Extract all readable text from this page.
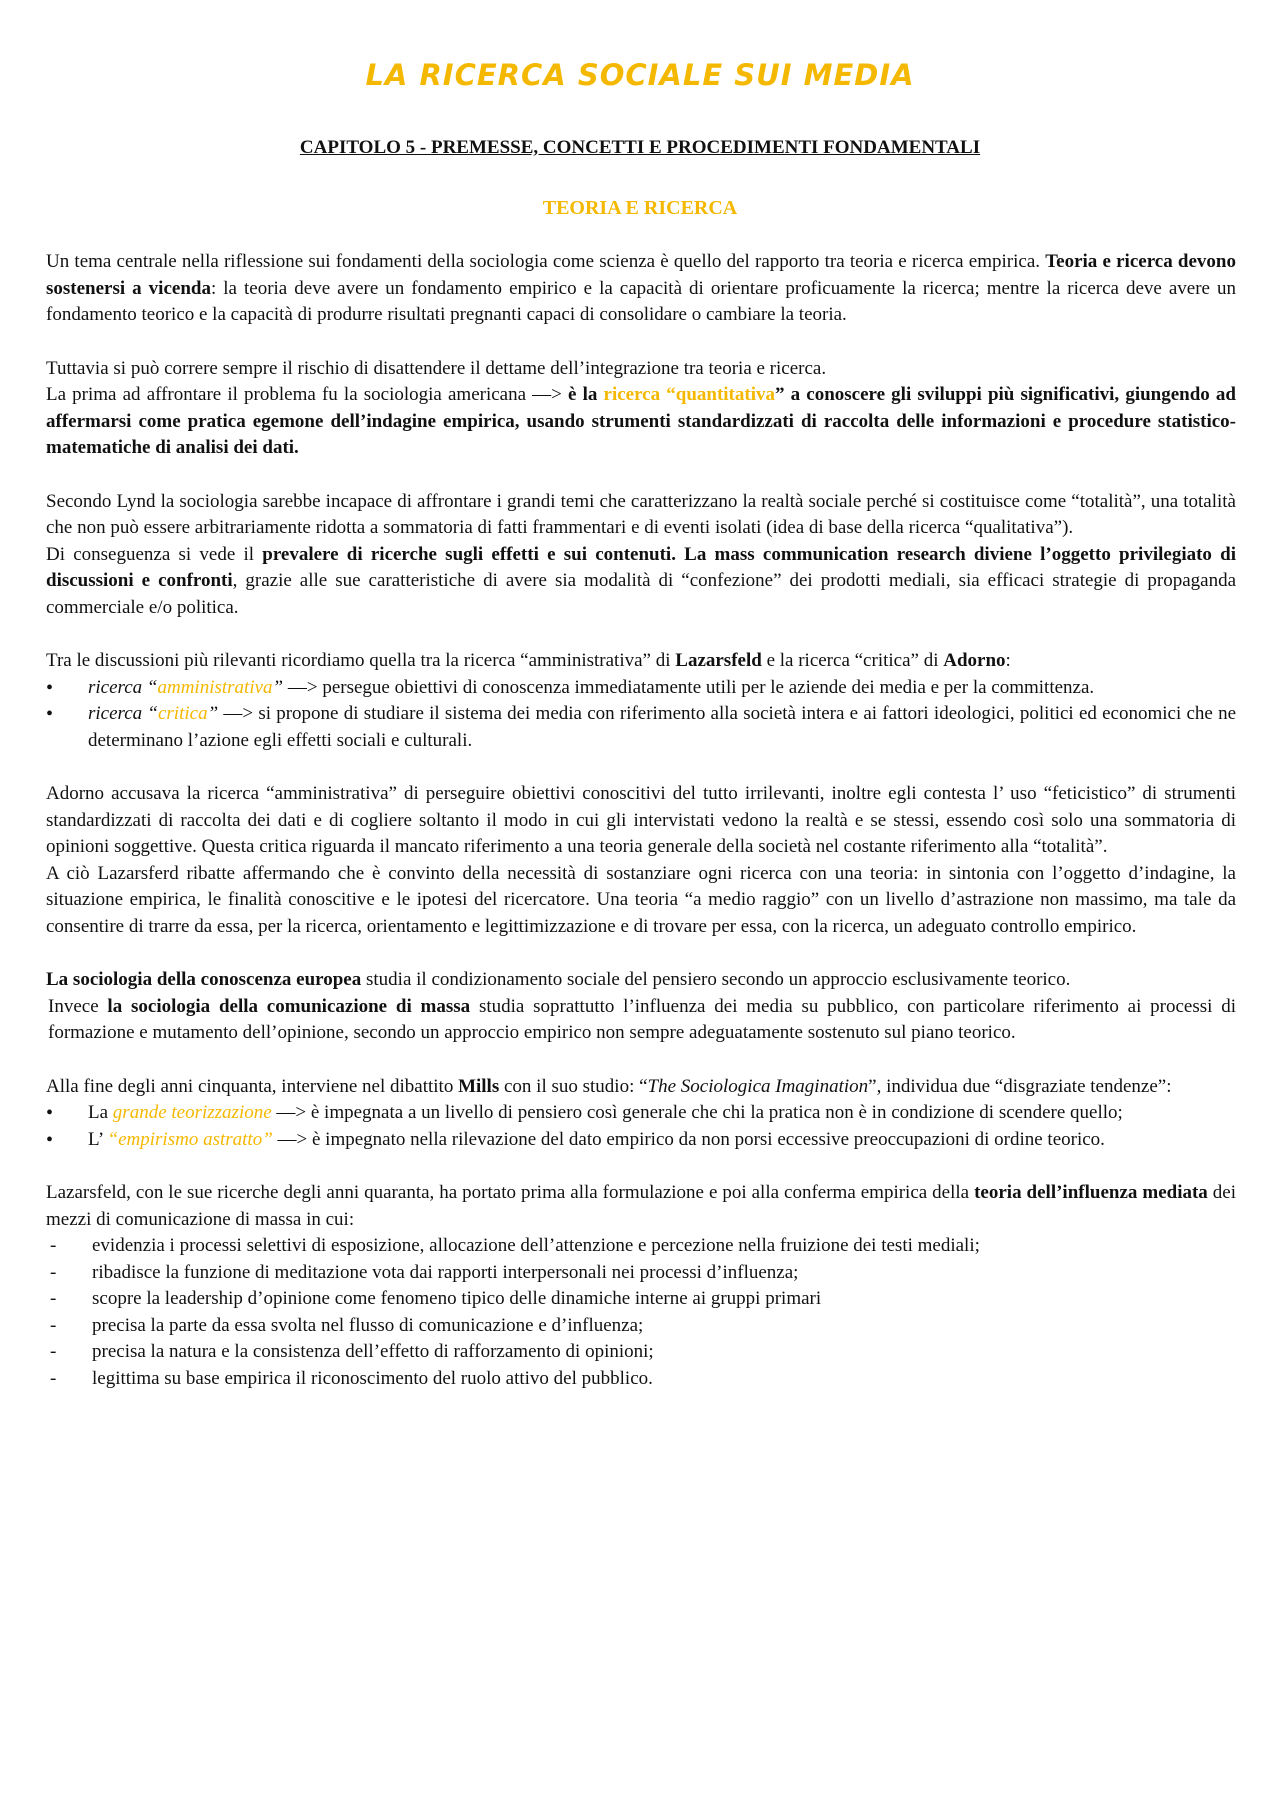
LA RICERCA SOCIALE SUI MEDIA
CAPITOLO 5 - PREMESSE, CONCETTI E PROCEDIMENTI FONDAMENTALI
TEORIA E RICERCA

Un tema centrale nella riflessione sui fondamenti della sociologia come scienza è quello del rapporto tra teoria e ricerca empirica. Teoria e ricerca devono sostenersi a vicenda: la teoria deve avere un fondamento empirico e la capacità di orientare proficuamente la ricerca; mentre la ricerca deve avere un fondamento teorico e la capacità di produrre risultati pregnanti capaci di consolidare o cambiare la teoria.

Tuttavia si può correre sempre il rischio di disattendere il dettame dell’integrazione tra teoria e ricerca.

La prima ad affrontare il problema fu la sociologia americana —> è la ricerca “quantitativa” a conoscere gli sviluppi più significativi, giungendo ad affermarsi come pratica egemone dell’indagine empirica, usando strumenti standardizzati di raccolta delle informazioni e procedure statistico-matematiche di analisi dei dati.

Secondo Lynd la sociologia sarebbe incapace di affrontare i grandi temi che caratterizzano la realtà sociale perché si costituisce come “totalità”, una totalità che non può essere arbitrariamente ridotta a sommatoria di fatti frammentari e di eventi isolati (idea di base della ricerca “qualitativa”).

Di conseguenza si vede il prevalere di ricerche sugli effetti e sui contenuti. La mass communication research diviene l’oggetto privilegiato di discussioni e confronti, grazie alle sue caratteristiche di avere sia modalità di “confezione” dei prodotti mediali, sia efficaci strategie di propaganda commerciale e/o politica.

Tra le discussioni più rilevanti ricordiamo quella tra la ricerca “amministrativa” di Lazarsfeld e la ricerca “critica” di Adorno:

• ricerca “amministrativa” —> persegue obiettivi di conoscenza immediatamente utili per le aziende dei media e per la committenza.
• ricerca “critica” —> si propone di studiare il sistema dei media con riferimento alla società intera e ai fattori ideologici, politici ed economici che ne determinano l’azione egli effetti sociali e culturali.

Adorno accusava la ricerca “amministrativa” di perseguire obiettivi conoscitivi del tutto irrilevanti, inoltre egli contesta l’ uso “feticistico” di strumenti standardizzati di raccolta dei dati e di cogliere soltanto il modo in cui gli intervistati vedono la realtà e se stessi, essendo così solo una sommatoria di opinioni soggettive. Questa critica riguarda il mancato riferimento a una teoria generale della società nel costante riferimento alla “totalità”.

A ciò Lazarsferd ribatte affermando che è convinto della necessità di sostanziare ogni ricerca con una teoria: in sintonia con l’oggetto d’indagine, la situazione empirica, le finalità conoscitive e le ipotesi del ricercatore. Una teoria “a medio raggio” con un livello d’astrazione non massimo, ma tale da consentire di trarre da essa, per la ricerca, orientamento e legittimizzazione e di trovare per essa, con la ricerca, un adeguato controllo empirico.

La sociologia della conoscenza europea studia il condizionamento sociale del pensiero secondo un approccio esclusivamente teorico.

Invece la sociologia della comunicazione di massa studia soprattutto l’influenza dei media su pubblico, con particolare riferimento ai processi di formazione e mutamento dell’opinione, secondo un approccio empirico non sempre adeguatamente sostenuto sul piano teorico.

Alla fine degli anni cinquanta, interviene nel dibattito Mills con il suo studio: “The Sociologica Imagination”, individua due “disgraziate tendenze”:

• La grande teorizzazione —> è impegnata a un livello di pensiero così generale che chi la pratica non è in condizione di scendere quello;
• L’ “empirismo astratto” —> è impegnato nella rilevazione del dato empirico da non porsi eccessive preoccupazioni di ordine teorico.

Lazarsfeld, con le sue ricerche degli anni quaranta, ha portato prima alla formulazione e poi alla conferma empirica della teoria dell’influenza mediata dei mezzi di comunicazione di massa in cui:

- evidenzia i processi selettivi di esposizione, allocazione dell’attenzione e percezione nella fruizione dei testi mediali;
- ribadisce la funzione di meditazione vota dai rapporti interpersonali nei processi d’influenza;
- scopre la leadership d’opinione come fenomeno tipico delle dinamiche interne ai gruppi primari
- precisa la parte da essa svolta nel flusso di comunicazione e d’influenza;
- precisa la natura e la consistenza dell’effetto di rafforzamento di opinioni;
- legittima su base empirica il riconoscimento del ruolo attivo del pubblico.
